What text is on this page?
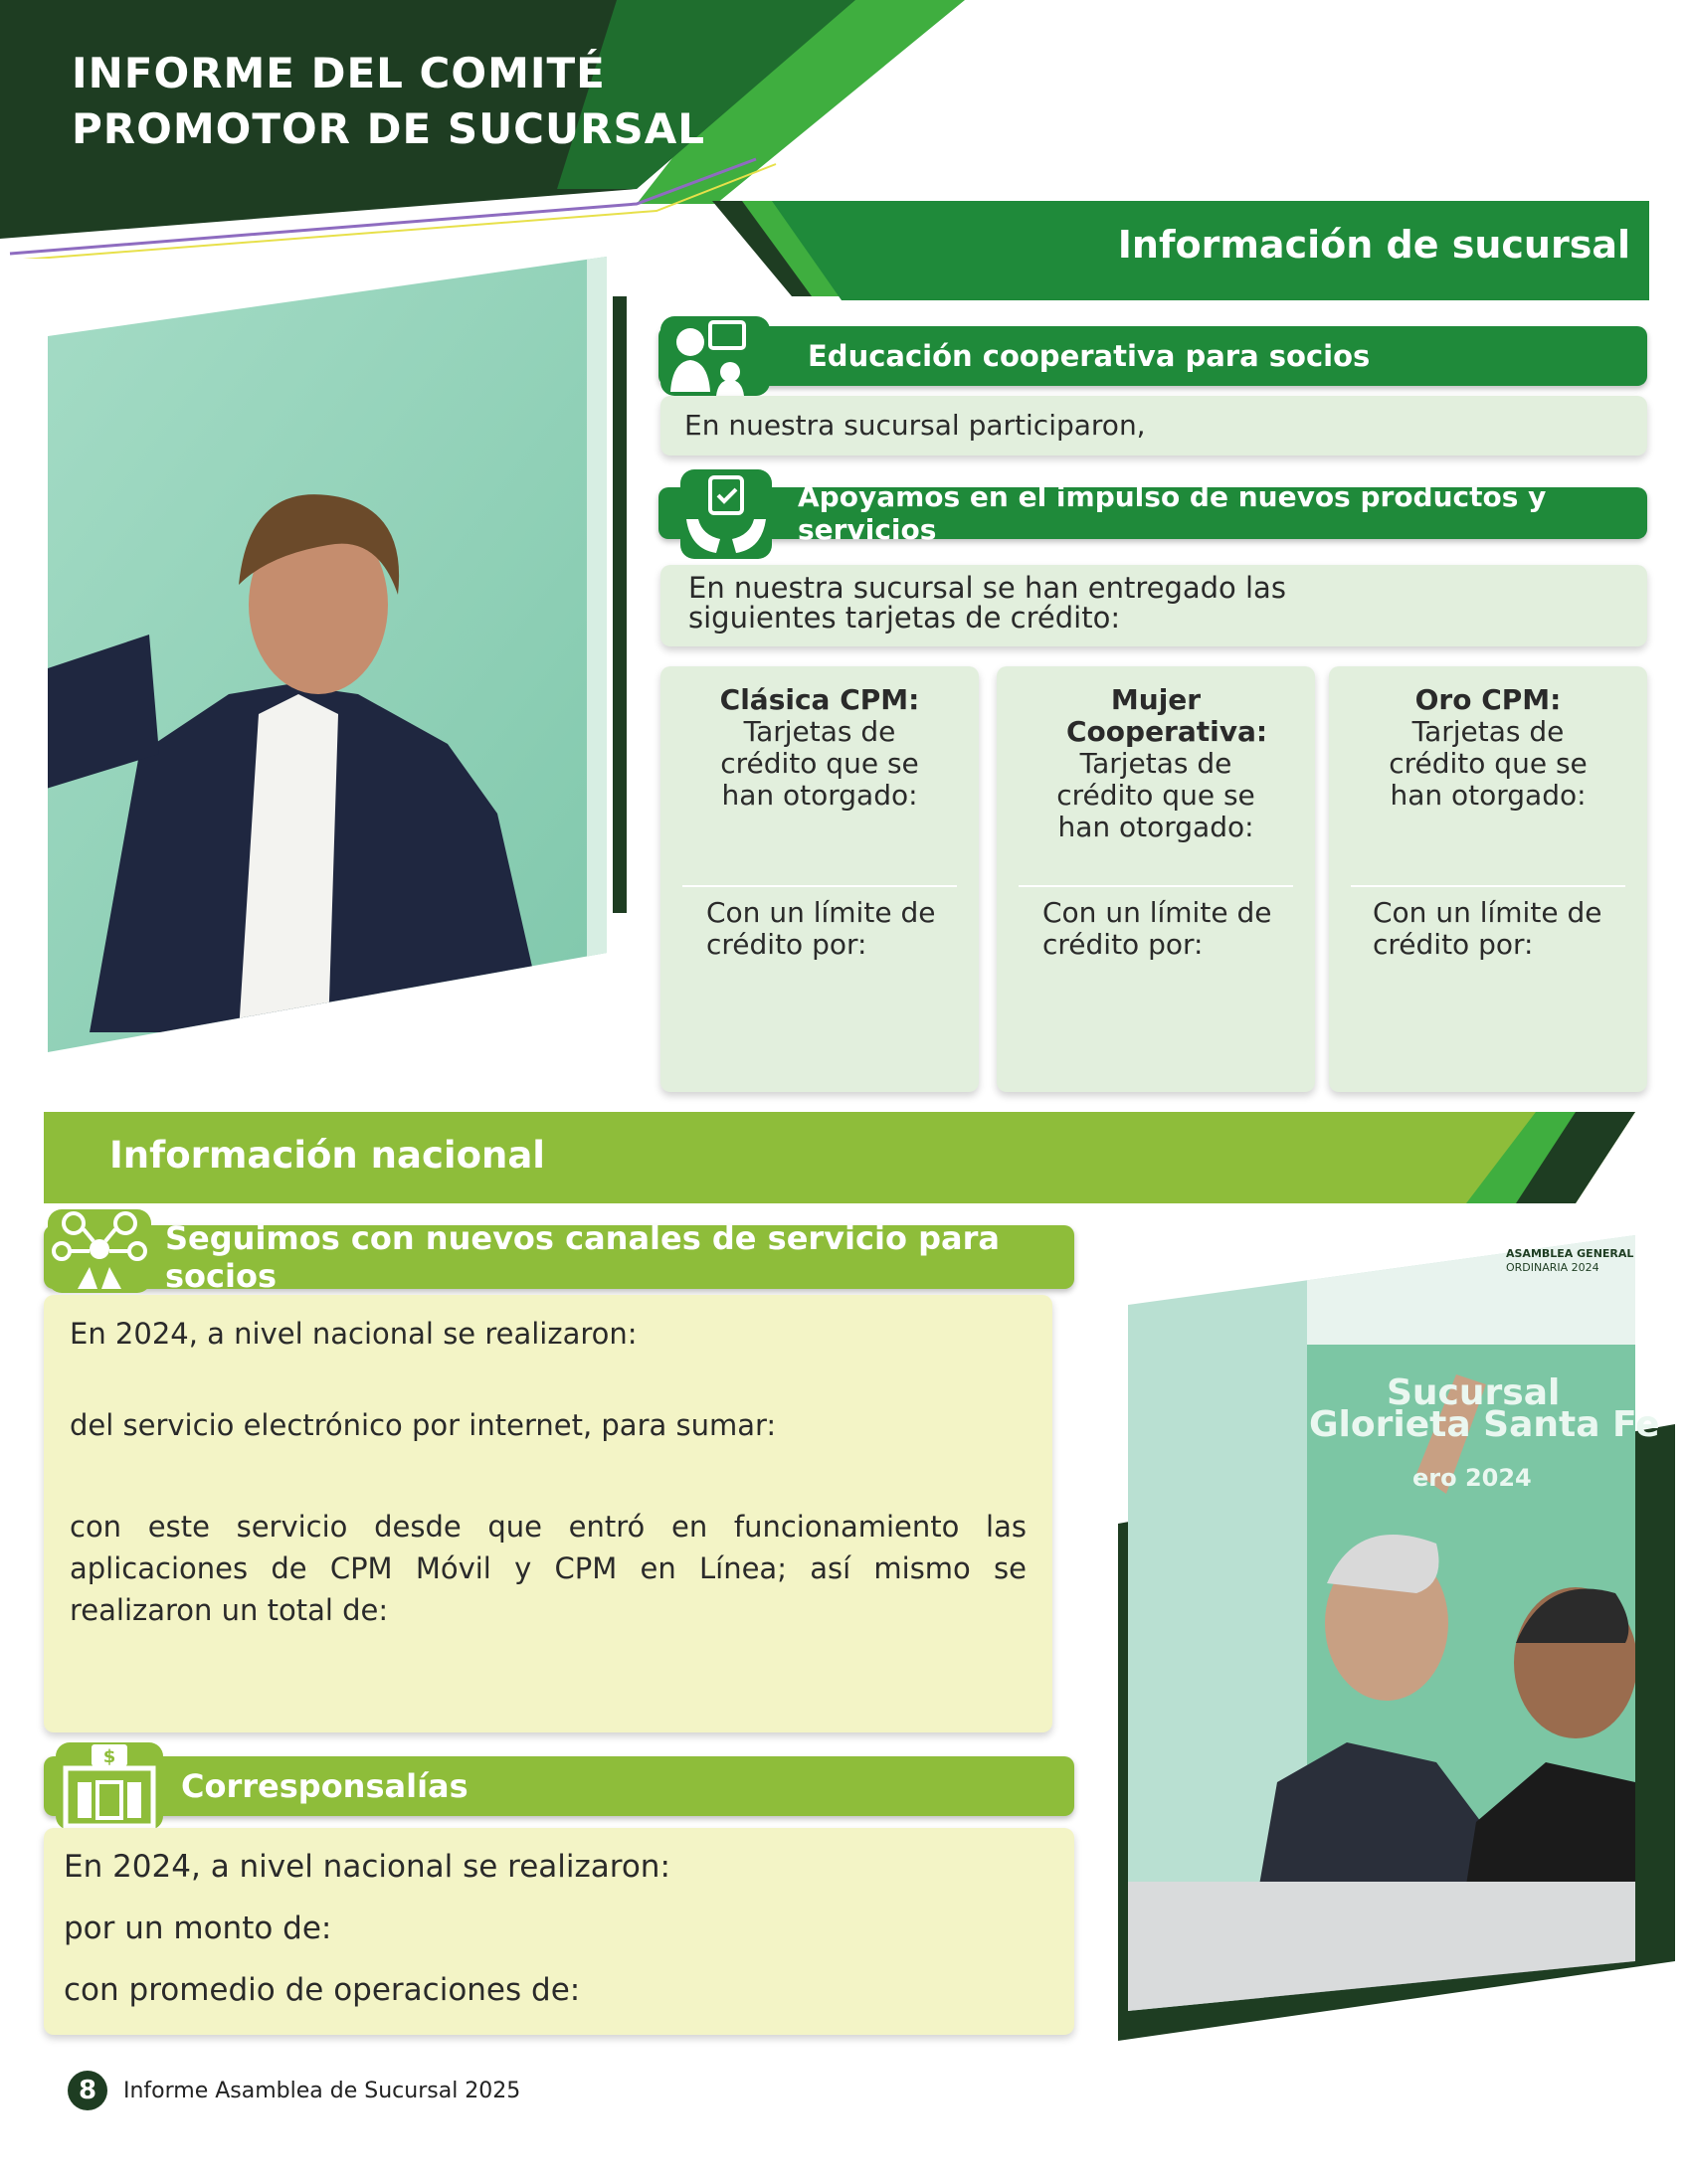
INFORME DEL COMITÉ
PROMOTOR DE SUCURSAL
Información de sucursal
Educación cooperativa para socios
En nuestra sucursal participaron,
Apoyamos en el impulso de nuevos productos y servicios
En nuestra sucursal se han entregado las
siguientes tarjetas de crédito:
Clásica CPM:
Tarjetas de crédito que se han otorgado:
Con un límite de crédito por:
Mujer Cooperativa:
Tarjetas de crédito que se han otorgado:
Con un límite de crédito por:
Oro CPM:
Tarjetas de crédito que se han otorgado:
Con un límite de crédito por:
Información nacional
Seguimos con nuevos canales de servicio para socios
En 2024, a nivel nacional se realizaron:
del servicio electrónico por internet, para sumar:
con este servicio desde que entró en funcionamiento las aplicaciones de CPM Móvil y CPM en Línea; así mismo se realizaron un total de:
Corresponsalías
$
En 2024, a nivel nacional se realizaron:
por un monto de:
con promedio de operaciones de:
ASAMBLEA GENERAL
ORDINARIA 2024
Sucursal
Glorieta Santa Fe
ero 2024
8	Informe Asamblea de Sucursal 2025
